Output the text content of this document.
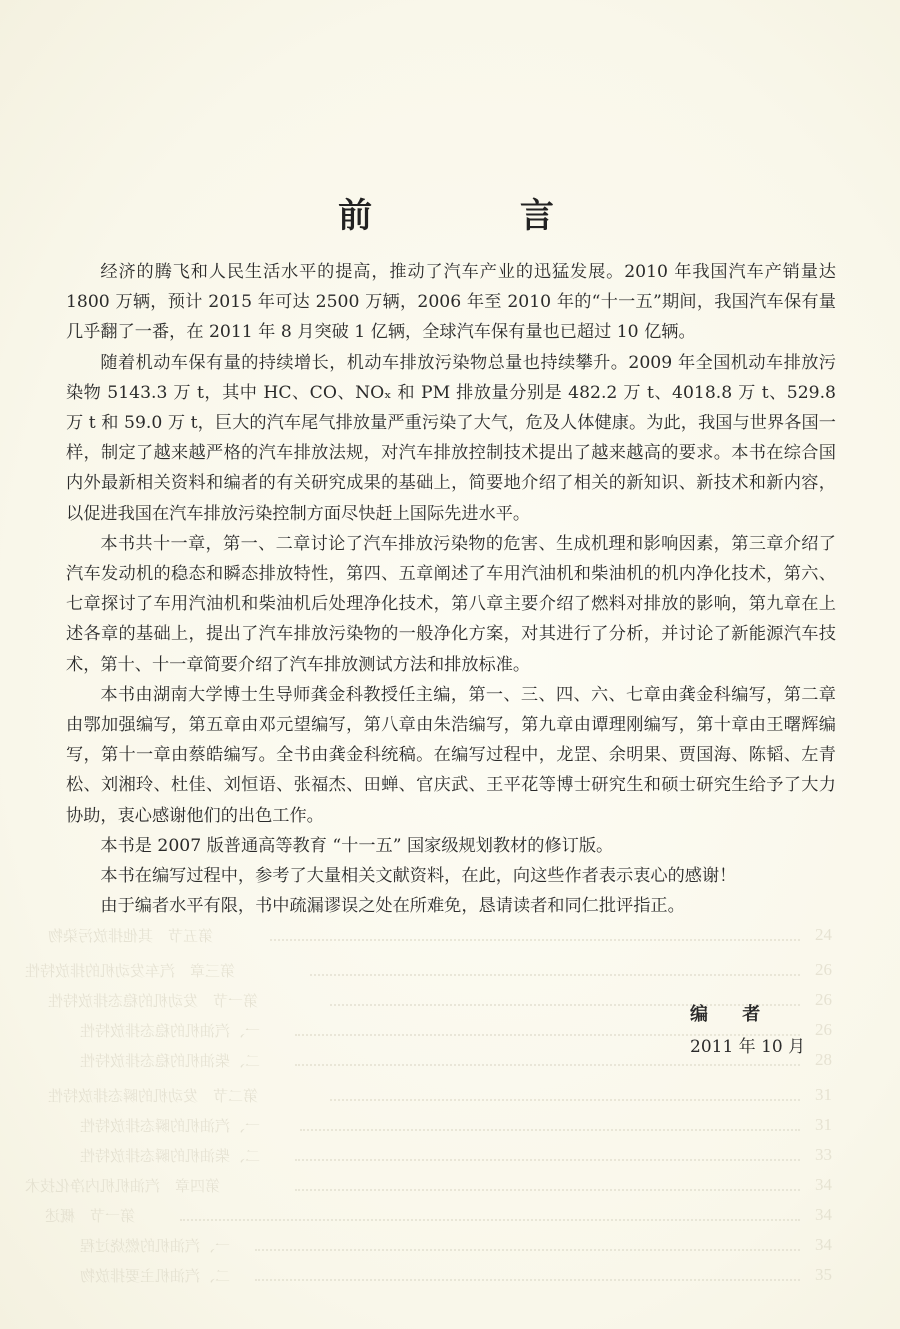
第五节　其他排放污染物	24
第三章　汽车发动机的排放特性	26
第一节　发动机的稳态排放特性	26
一、汽油机的稳态排放特性	26
二、柴油机的稳态排放特性	28
第二节　发动机的瞬态排放特性	31
一、汽油机的瞬态排放特性	31
二、柴油机的瞬态排放特性	33
第四章　汽油机机内净化技术	34
第一节　概述	34
一、汽油机的燃烧过程	34
二、汽油机主要排放物	35
前 言

经济的腾飞和人民生活水平的提高，推动了汽车产业的迅猛发展。2010 年我国汽车产销量达 1800 万辆，预计 2015 年可达 2500 万辆，2006 年至 2010 年的“十一五”期间，我国汽车保有量几乎翻了一番，在 2011 年 8 月突破 1 亿辆，全球汽车保有量也已超过 10 亿辆。

随着机动车保有量的持续增长，机动车排放污染物总量也持续攀升。2009 年全国机动车排放污染物 5143.3 万 t，其中 HC、CO、NOₓ 和 PM 排放量分别是 482.2 万 t、4018.8 万 t、529.8 万 t 和 59.0 万 t，巨大的汽车尾气排放量严重污染了大气，危及人体健康。为此，我国与世界各国一样，制定了越来越严格的汽车排放法规，对汽车排放控制技术提出了越来越高的要求。本书在综合国内外最新相关资料和编者的有关研究成果的基础上，简要地介绍了相关的新知识、新技术和新内容，以促进我国在汽车排放污染控制方面尽快赶上国际先进水平。

本书共十一章，第一、二章讨论了汽车排放污染物的危害、生成机理和影响因素，第三章介绍了汽车发动机的稳态和瞬态排放特性，第四、五章阐述了车用汽油机和柴油机的机内净化技术，第六、七章探讨了车用汽油机和柴油机后处理净化技术，第八章主要介绍了燃料对排放的影响，第九章在上述各章的基础上，提出了汽车排放污染物的一般净化方案，对其进行了分析，并讨论了新能源汽车技术，第十、十一章简要介绍了汽车排放测试方法和排放标准。

本书由湖南大学博士生导师龚金科教授任主编，第一、三、四、六、七章由龚金科编写，第二章由鄂加强编写，第五章由邓元望编写，第八章由朱浩编写，第九章由谭理刚编写，第十章由王曙辉编写，第十一章由蔡皓编写。全书由龚金科统稿。在编写过程中，龙罡、余明果、贾国海、陈韬、左青松、刘湘玲、杜佳、刘恒语、张福杰、田蝉、官庆武、王平花等博士研究生和硕士研究生给予了大力协助，衷心感谢他们的出色工作。

本书是 2007 版普通高等教育 “十一五” 国家级规划教材的修订版。

本书在编写过程中，参考了大量相关文献资料，在此，向这些作者表示衷心的感谢！

由于编者水平有限，书中疏漏谬误之处在所难免，恳请读者和同仁批评指正。

编 者
2011 年 10 月
